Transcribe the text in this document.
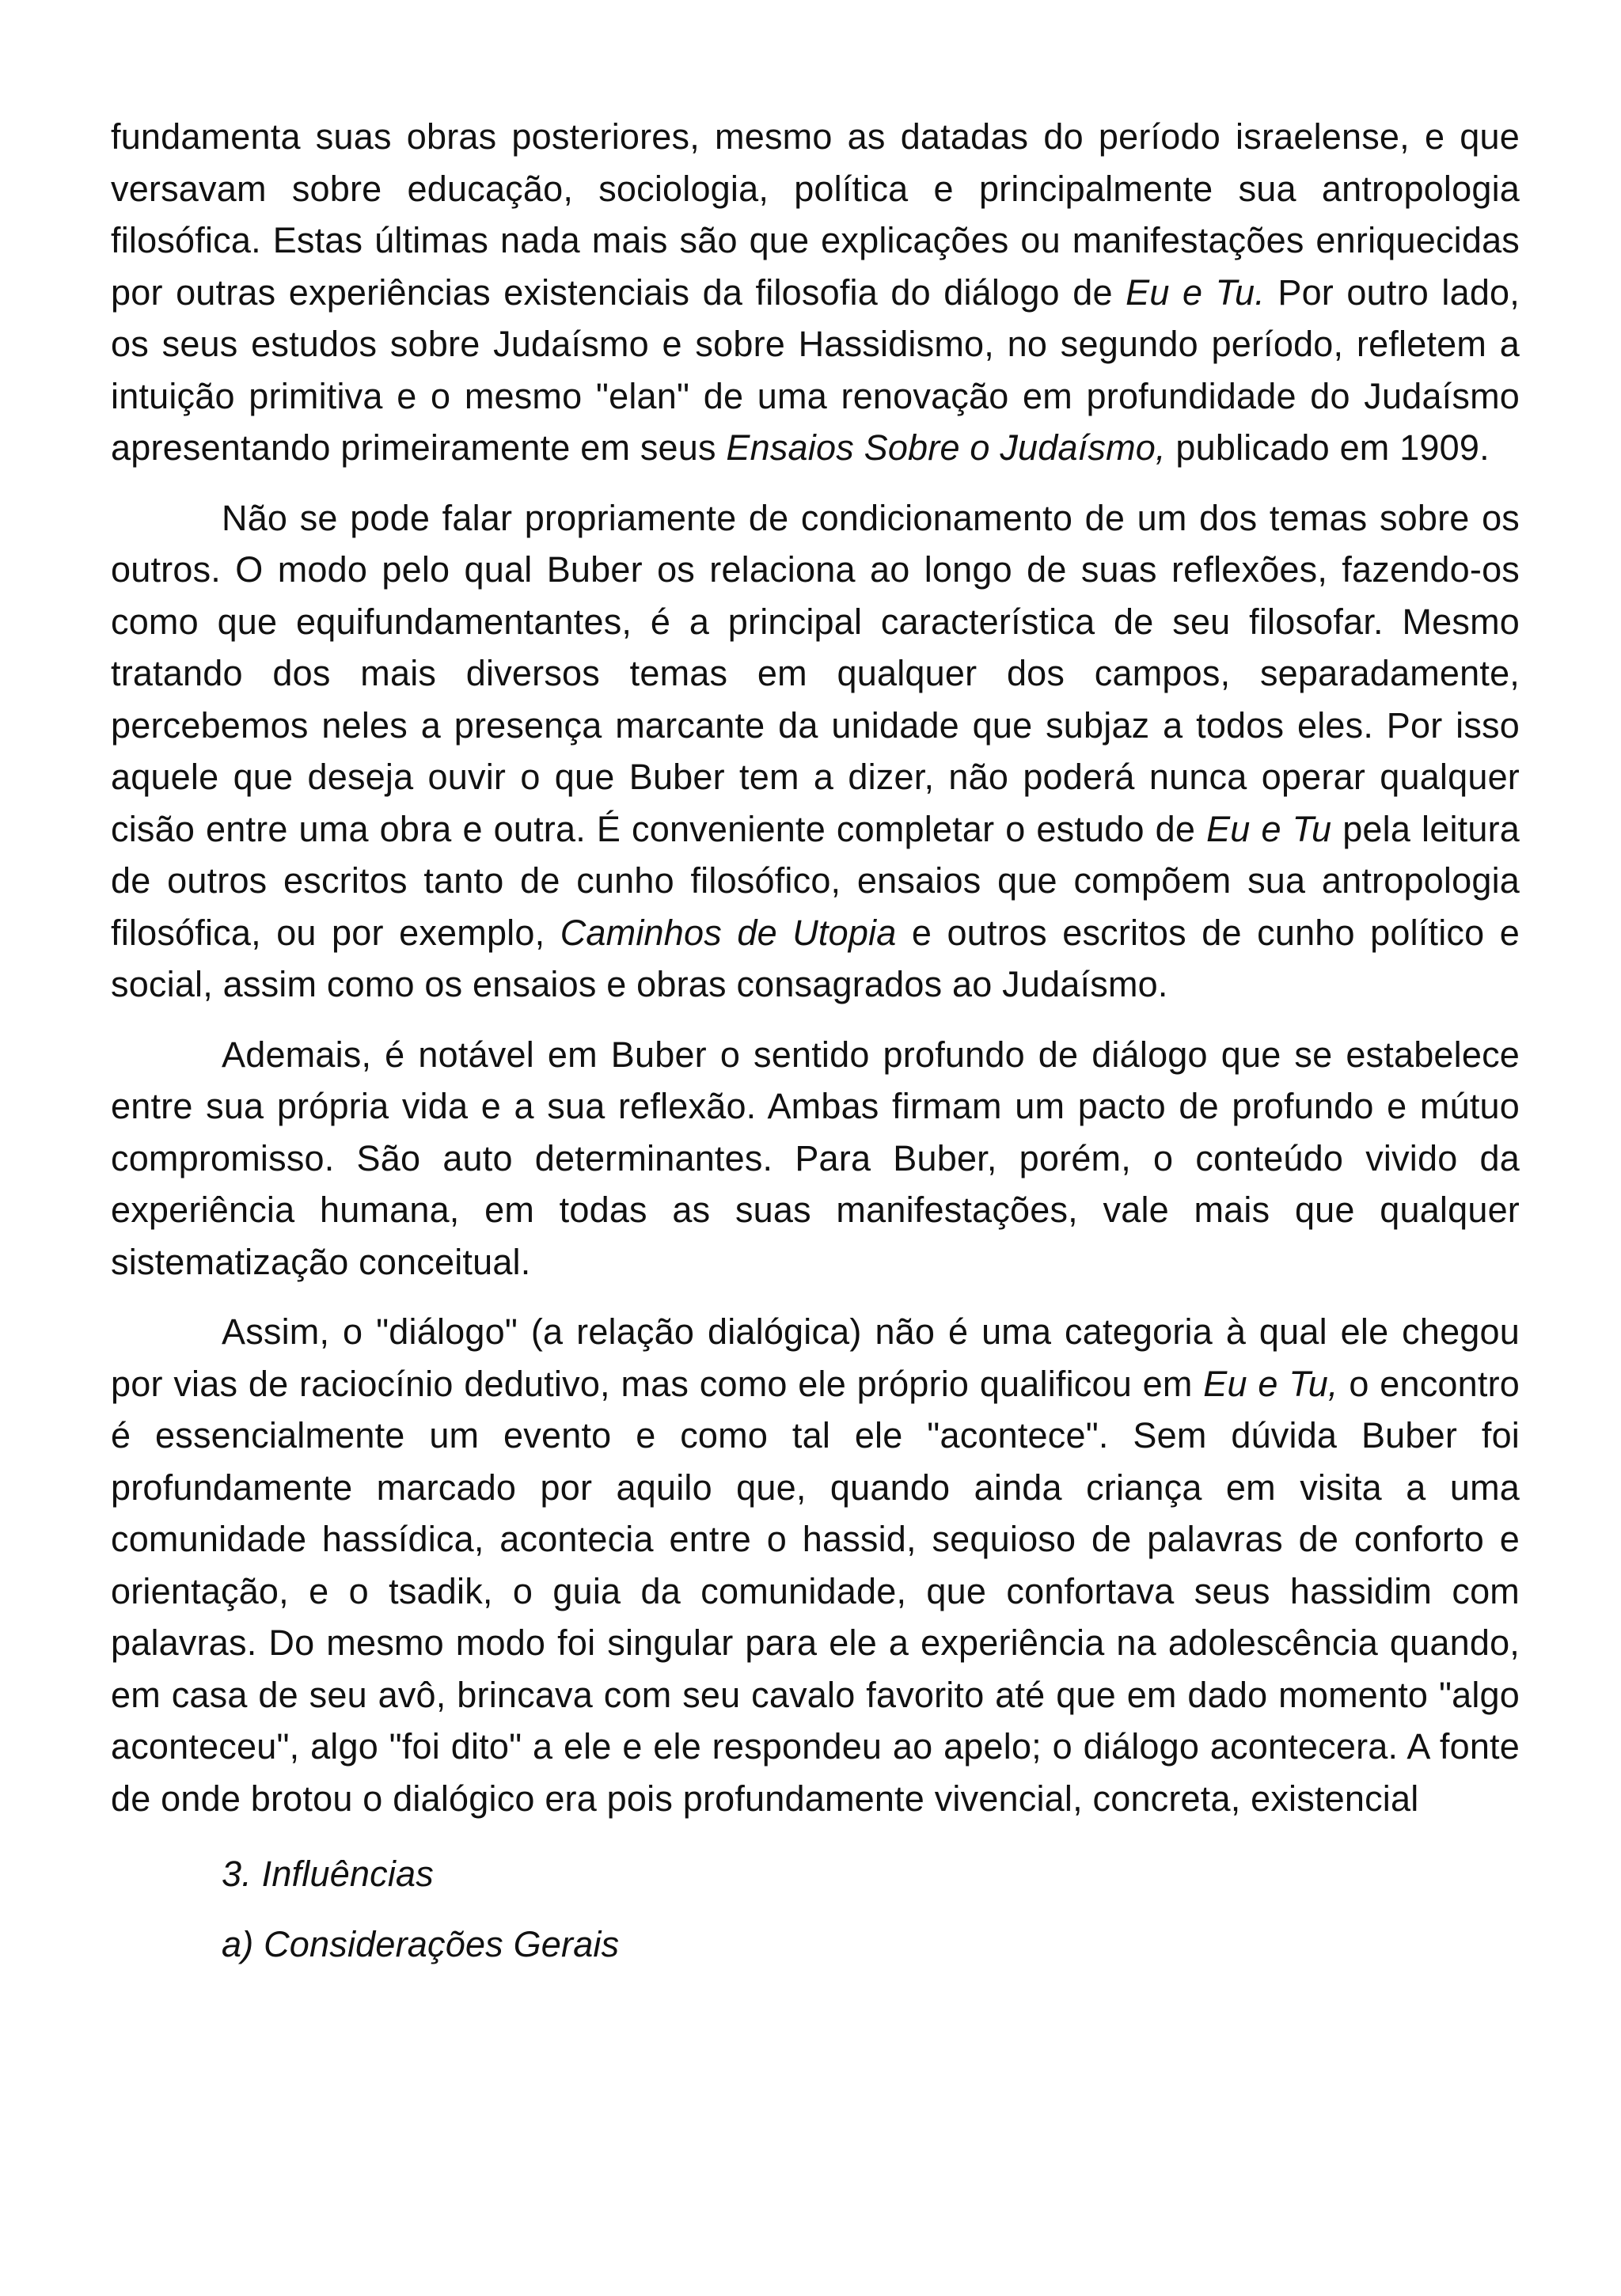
fundamenta suas obras posteriores, mesmo as datadas do período israelense, e que versavam sobre educação, sociologia, política e principalmente sua antropologia filosófica. Estas últimas nada mais são que explicações ou manifestações enriquecidas por outras experiências existenciais da filosofia do diálogo de Eu e Tu. Por outro lado, os seus estudos sobre Judaísmo e sobre Hassidismo, no segundo período, refletem a intuição primitiva e o mesmo "elan" de uma renovação em profundidade do Judaísmo apresentando primeiramente em seus Ensaios Sobre o Judaísmo, publicado em 1909.

Não se pode falar propriamente de condicionamento de um dos temas sobre os outros. O modo pelo qual Buber os relaciona ao longo de suas reflexões, fazendo-os como que equifundamentantes, é a principal característica de seu filosofar. Mesmo tratando dos mais diversos temas em qualquer dos campos, separadamente, percebemos neles a presença marcante da unidade que subjaz a todos eles. Por isso aquele que deseja ouvir o que Buber tem a dizer, não poderá nunca operar qualquer cisão entre uma obra e outra. É conveniente completar o estudo de Eu e Tu pela leitura de outros escritos tanto de cunho filosófico, ensaios que compõem sua antropologia filosófica, ou por exemplo, Caminhos de Utopia e outros escritos de cunho político e social, assim como os ensaios e obras consagrados ao Judaísmo.

Ademais, é notável em Buber o sentido profundo de diálogo que se estabelece entre sua própria vida e a sua reflexão. Ambas firmam um pacto de profundo e mútuo compromisso. São auto determinantes. Para Buber, porém, o conteúdo vivido da experiência humana, em todas as suas manifestações, vale mais que qualquer sistematização conceitual.

Assim, o "diálogo" (a relação dialógica) não é uma categoria à qual ele chegou por vias de raciocínio dedutivo, mas como ele próprio qualificou em Eu e Tu, o encontro é essencialmente um evento e como tal ele "acontece". Sem dúvida Buber foi profundamente marcado por aquilo que, quando ainda criança em visita a uma comunidade hassídica, acontecia entre o hassid, sequioso de palavras de conforto e orientação, e o tsadik, o guia da comunidade, que confortava seus hassidim com palavras. Do mesmo modo foi singular para ele a experiência na adolescência quando, em casa de seu avô, brincava com seu cavalo favorito até que em dado momento "algo aconteceu", algo "foi dito" a ele e ele respondeu ao apelo; o diálogo acontecera. A fonte de onde brotou o dialógico era pois profundamente vivencial, concreta, existencial

3. Influências

a) Considerações Gerais
